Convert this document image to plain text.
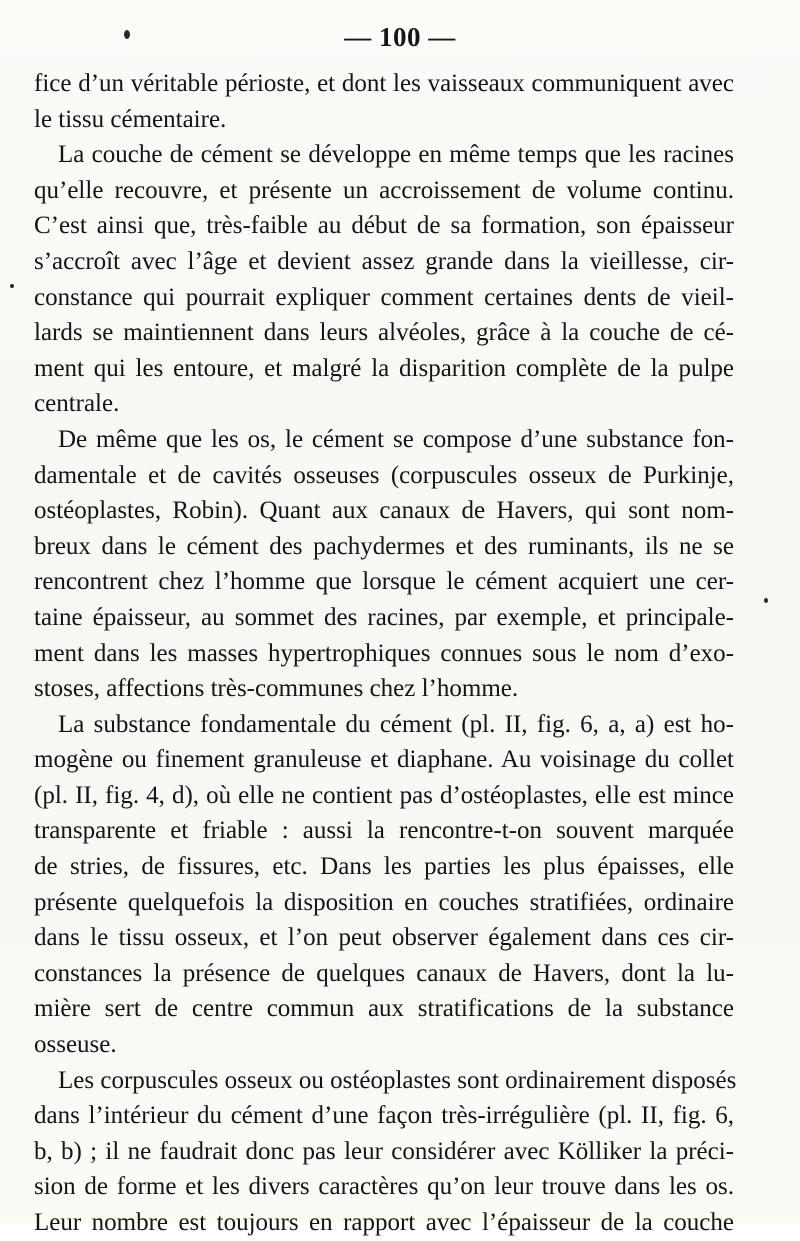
— 100 —
fice d’un véritable périoste, et dont les vaisseaux communiquent avec
le tissu cémentaire.
La couche de cément se développe en même temps que les racines
qu’elle recouvre, et présente un accroissement de volume continu.
C’est ainsi que, très-faible au début de sa formation, son épaisseur
s’accroît avec l’âge et devient assez grande dans la vieillesse, cir-
constance qui pourrait expliquer comment certaines dents de vieil-
lards se maintiennent dans leurs alvéoles, grâce à la couche de cé-
ment qui les entoure, et malgré la disparition complète de la pulpe
centrale.
De même que les os, le cément se compose d’une substance fon-
damentale et de cavités osseuses (corpuscules osseux de Purkinje,
ostéoplastes, Robin). Quant aux canaux de Havers, qui sont nom-
breux dans le cément des pachydermes et des ruminants, ils ne se
rencontrent chez l’homme que lorsque le cément acquiert une cer-
taine épaisseur, au sommet des racines, par exemple, et principale-
ment dans les masses hypertrophiques connues sous le nom d’exo-
stoses, affections très-communes chez l’homme.
La substance fondamentale du cément (pl. II, fig. 6, a, a) est ho-
mogène ou finement granuleuse et diaphane. Au voisinage du collet
(pl. II, fig. 4, d), où elle ne contient pas d’ostéoplastes, elle est mince
transparente et friable : aussi la rencontre-t-on souvent marquée
de stries, de fissures, etc. Dans les parties les plus épaisses, elle
présente quelquefois la disposition en couches stratifiées, ordinaire
dans le tissu osseux, et l’on peut observer également dans ces cir-
constances la présence de quelques canaux de Havers, dont la lu-
mière sert de centre commun aux stratifications de la substance
osseuse.
Les corpuscules osseux ou ostéoplastes sont ordinairement disposés
dans l’intérieur du cément d’une façon très-irrégulière (pl. II, fig. 6,
b, b) ; il ne faudrait donc pas leur considérer avec Kölliker la préci-
sion de forme et les divers caractères qu’on leur trouve dans les os.
Leur nombre est toujours en rapport avec l’épaisseur de la couche
